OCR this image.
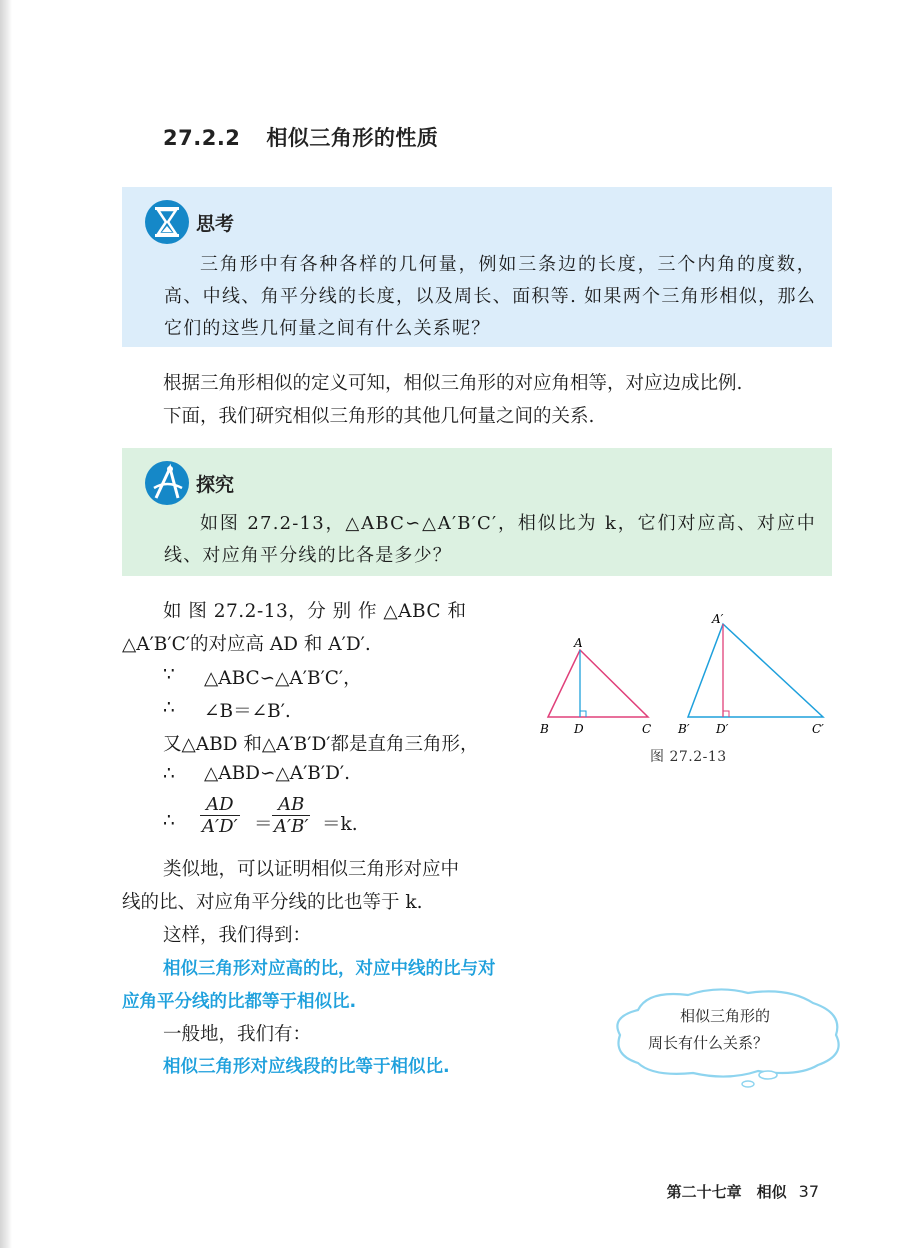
27.2.2 相似三角形的性质
思考
三角形中有各种各样的几何量，例如三条边的长度，三个内角的度数，高、中线、角平分线的长度，以及周长、面积等. 如果两个三角形相似，那么它们的这些几何量之间有什么关系呢？
根据三角形相似的定义可知，相似三角形的对应角相等，对应边成比例.
下面，我们研究相似三角形的其他几何量之间的关系.
探究
如图 27.2-13，△ABC∽△A′B′C′，相似比为 k，它们对应高、对应中线、对应角平分线的比各是多少？
如 图 27.2-13，分 别 作 △ABC 和
△A′B′C′的对应高 AD 和 A′D′.
∵ △ABC∽△A′B′C′，
∴ ∠B＝∠B′.
又△ABD 和△A′B′D′都是直角三角形，
∴ △ABD∽△A′B′D′.
∴ $\frac{AD}{A'D'} = \frac{AB}{A'B'} =k$.
类似地，可以证明相似三角形对应中
线的比、对应角平分线的比也等于 k.
这样，我们得到：
相似三角形对应高的比，对应中线的比与对
应角平分线的比都等于相似比.
一般地，我们有：
相似三角形对应线段的比等于相似比.
A
B D	C
A′
B′ D′	C′
图 27.2-13
相似三角形的
周长有什么关系？
第二十七章　相似 37
